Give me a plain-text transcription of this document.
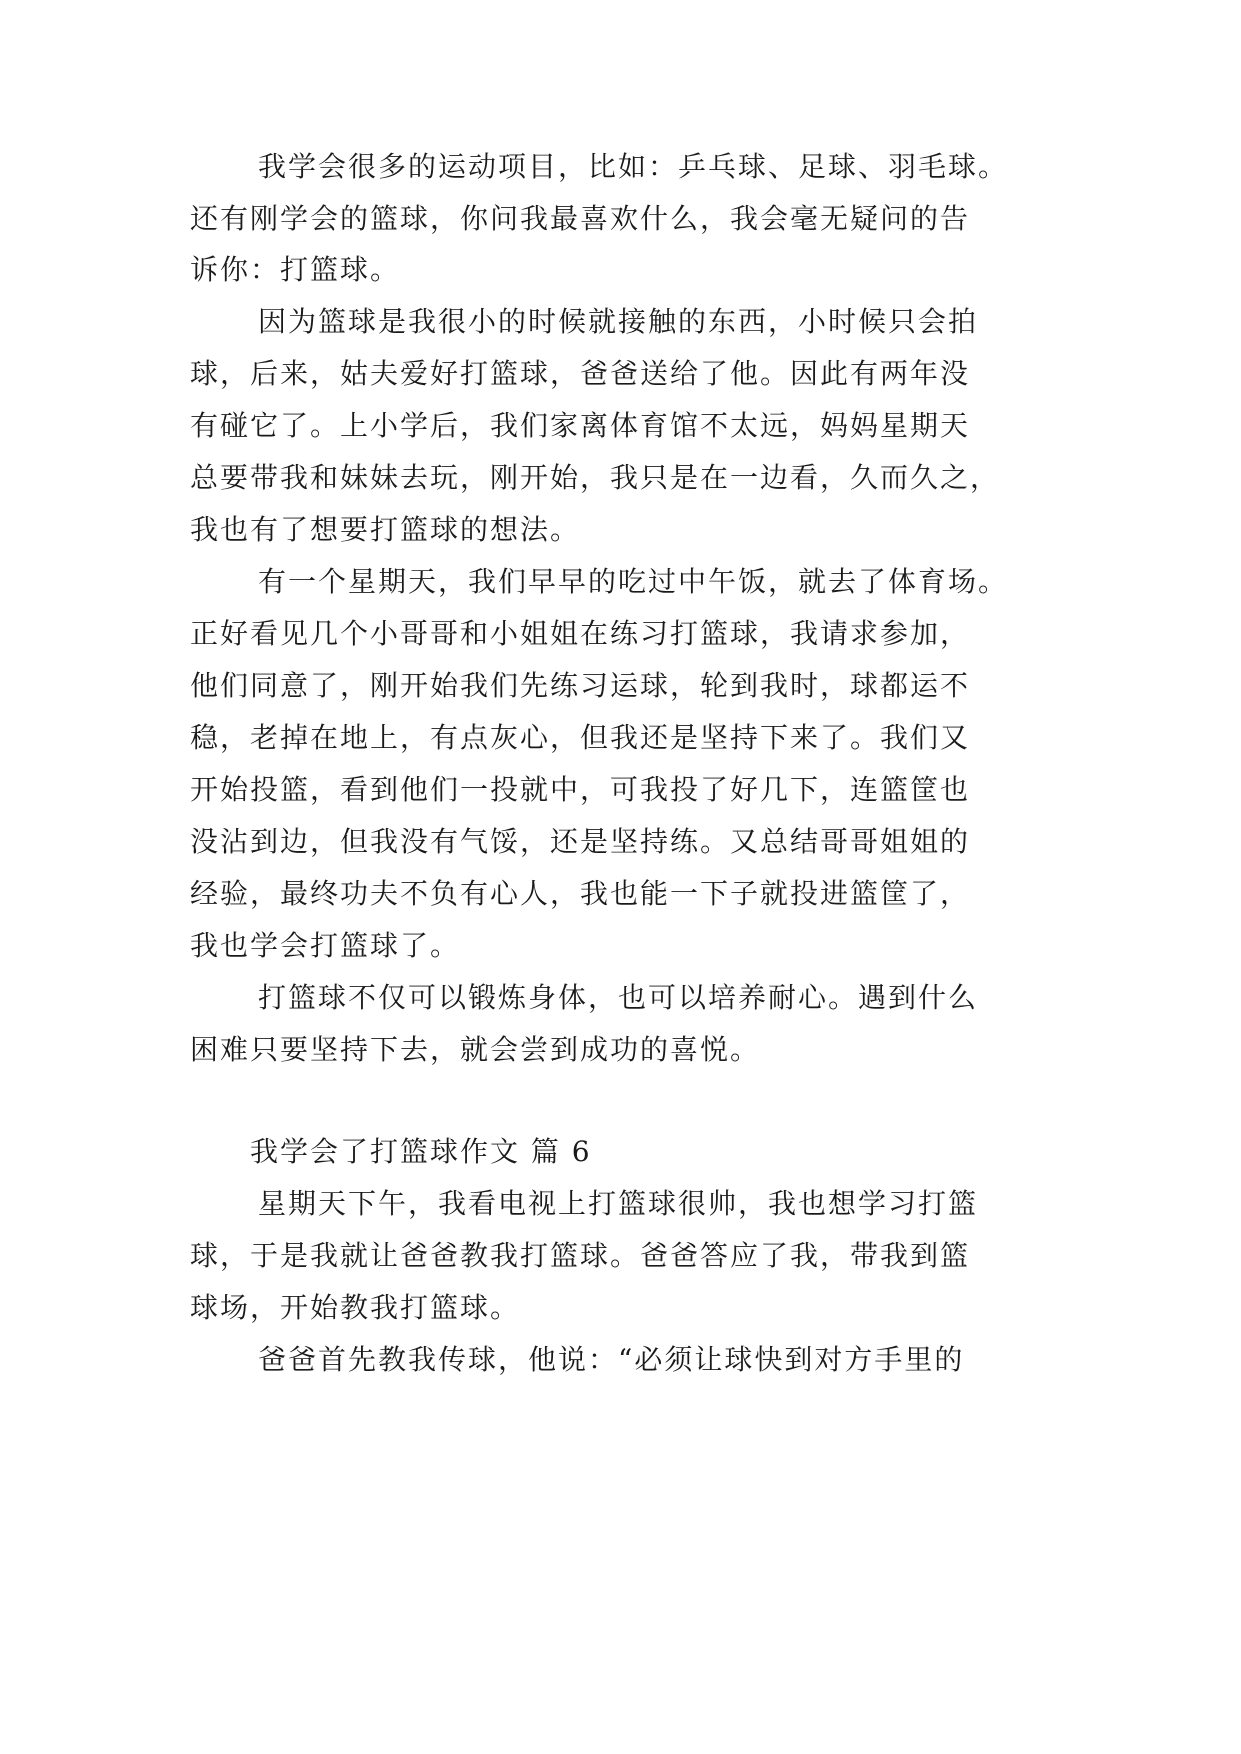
我学会很多的运动项目，比如：乒乓球、足球、羽毛球。
还有刚学会的篮球，你问我最喜欢什么，我会毫无疑问的告
诉你：打篮球。
因为篮球是我很小的时候就接触的东西，小时候只会拍
球，后来，姑夫爱好打篮球，爸爸送给了他。因此有两年没
有碰它了。上小学后，我们家离体育馆不太远，妈妈星期天
总要带我和妹妹去玩，刚开始，我只是在一边看，久而久之，
我也有了想要打篮球的想法。
有一个星期天，我们早早的吃过中午饭，就去了体育场。
正好看见几个小哥哥和小姐姐在练习打篮球，我请求参加，
他们同意了，刚开始我们先练习运球，轮到我时，球都运不
稳，老掉在地上，有点灰心，但我还是坚持下来了。我们又
开始投篮，看到他们一投就中，可我投了好几下，连篮筐也
没沾到边，但我没有气馁，还是坚持练。又总结哥哥姐姐的
经验，最终功夫不负有心人，我也能一下子就投进篮筐了，
我也学会打篮球了。
打篮球不仅可以锻炼身体，也可以培养耐心。遇到什么
困难只要坚持下去，就会尝到成功的喜悦。
我学会了打篮球作文 篇 6
星期天下午，我看电视上打篮球很帅，我也想学习打篮
球，于是我就让爸爸教我打篮球。爸爸答应了我，带我到篮
球场，开始教我打篮球。
爸爸首先教我传球，他说：“必须让球快到对方手里的
